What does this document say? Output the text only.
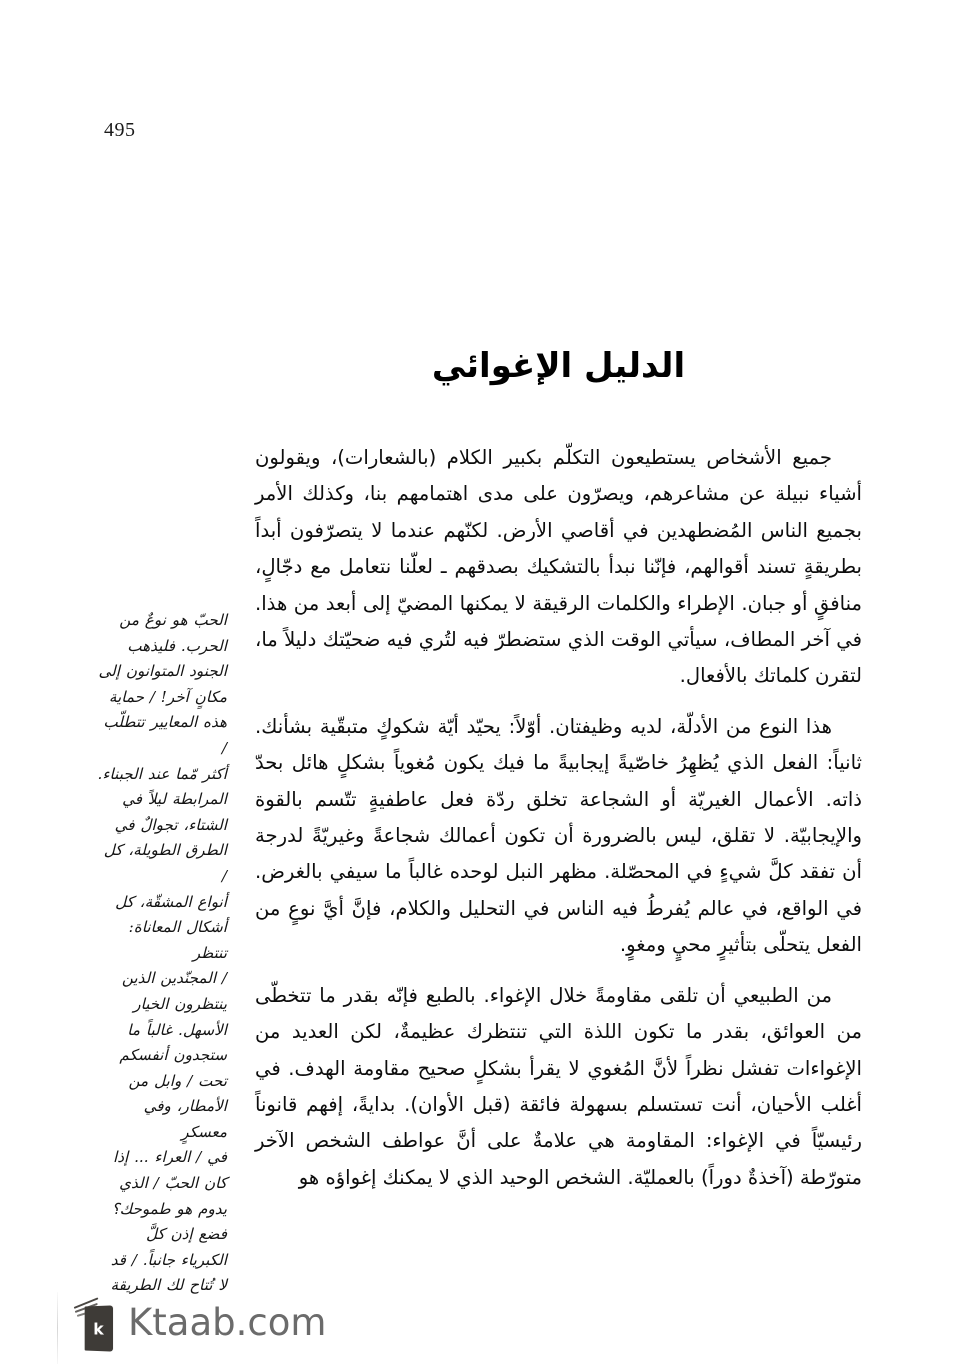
495
الدليل الإغوائي

جميع الأشخاص يستطيعون التكلّم بكبير الكلام (بالشعارات)، ويقولون أشياء نبيلة عن مشاعرهم، ويصرّون على مدى اهتمامهم بنا، وكذلك الأمر بجميع الناس المُضطهدين في أقاصي الأرض. لكنّهم عندما لا يتصرّفون أبداً بطريقةٍ تسند أقوالهم، فإنّنا نبدأ بالتشكيك بصدقهم ـ لعلّنا نتعامل مع دجّالٍ، منافقٍ أو جبان. الإطراء والكلمات الرقيقة لا يمكنها المضيّ إلى أبعد من هذا. في آخر المطاف، سيأتي الوقت الذي ستضطرّ فيه لتُري فيه ضحيّتك دليلاً ما، لتقرن كلماتك بالأفعال.

هذا النوع من الأدلّة، لديه وظيفتان. أوّلاً: يحيّد أيّة شكوكٍ متبقّية بشأنك. ثانياً: الفعل الذي يُظهِرُ خاصّيةً إيجابيةً ما فيك يكون مُغوياً بشكلٍ هائل بحدّ ذاته. الأعمال الغيريّة أو الشجاعة تخلق ردّة فعل عاطفيةٍ تتّسم بالقوة والإيجابيّة. لا تقلق، ليس بالضرورة أن تكون أعمالك شجاعةً وغيريّةً لدرجة أن تفقد كلَّ شيءٍ في المحصّلة. مظهر النبل لوحده غالباً ما سيفي بالغرض. في الواقع، في عالم يُفرطُ فيه الناس في التحليل والكلام، فإنَّ أيَّ نوعٍ من الفعل يتحلّى بتأثيرٍ محيٍ ومغوٍ.

من الطبيعي أن تلقى مقاومةً خلال الإغواء. بالطبع فإنّه بقدر ما تتخطّى من العوائق، بقدر ما تكون اللذة التي تنتظرك عظيمةٌ، لكن العديد من الإغواءات تفشل نظراً لأنَّ المُغوي لا يقرأ بشكلٍ صحيح مقاومة الهدف. في أغلب الأحيان، أنت تستسلم بسهولة فائقة (قبل الأوان). بدايةً، إفهم قانوناً رئيسيّاً في الإغواء: المقاومة هي علامةٌ على أنَّ عواطف الشخص الآخر متورّطة (آخذةٌ دوراً) بالعمليّة. الشخص الوحيد الذي لا يمكنك إغواؤه هو

الحبّ هو نوعٌ من
الحرب. فليذهب
الجنود المتوانون إلى
مكانٍ آخر! / حماية
هذه المعايير تتطلّب /
أكثر مّما عند الجبناء.
المرابطة ليلاً في
الشتاء، تجوالٌ في
الطرق الطويلة، كل /
أنواع المشقّة، كل
أشكال المعاناة: تنتظر
/ المجنّدين الذين
ينتظرون الخيار
الأسهل. غالباً ما
ستجدون أنفسكم
تحت / وابل من
الأمطار، وفي معسكرٍ
في / العراء ... إذا
كان الحبّ / الذي
يدوم هو طموحك؟
فضع إذن كلَّ
الكبرياء جانباً. / قد
لا تُتاح لك الطريقة
k Ktaab.com
